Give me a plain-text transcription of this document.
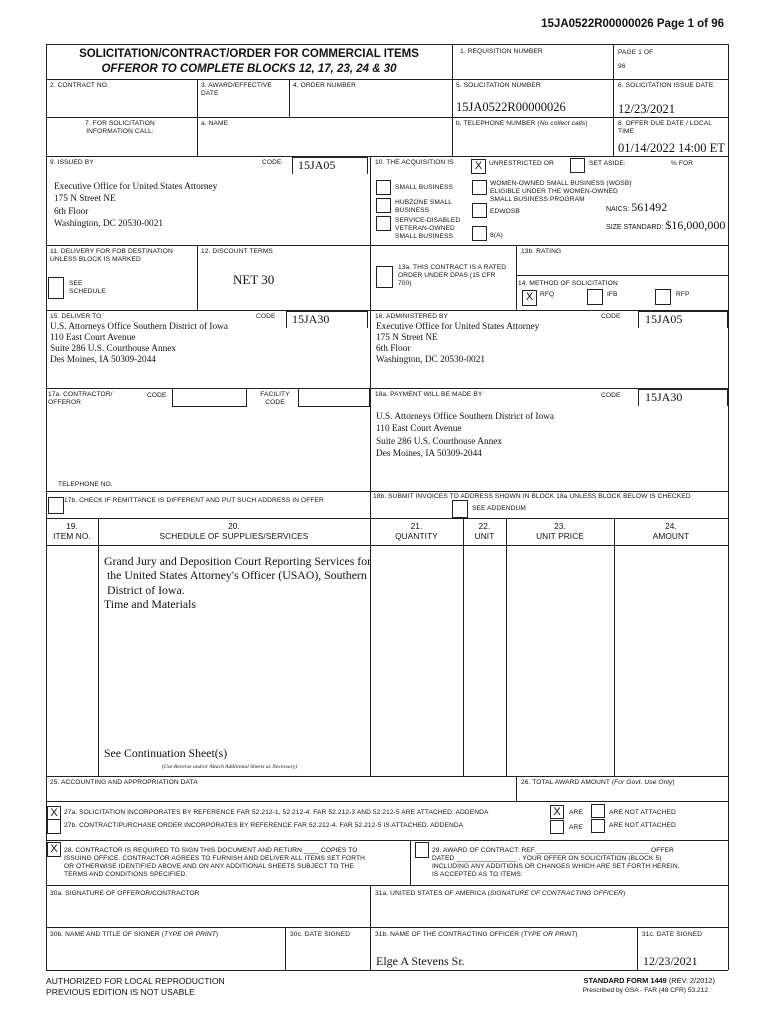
15JA0522R00000026 Page 1 of 96
SOLICITATION/CONTRACT/ORDER FOR COMMERCIAL ITEMS
OFFEROR TO COMPLETE BLOCKS 12, 17, 23, 24 & 30
1. REQUISITION NUMBER	PAGE 1 OF
96
2. CONTRACT NO.	3. AWARD/EFFECTIVE DATE
4. ORDER NUMBER	5. SOLICITATION NUMBER
15JA0522R00000026
6. SOLICITATION ISSUE DATE
12/23/2021
7. FOR SOLICITATION INFORMATION CALL:
a. NAME	b. TELEPHONE NUMBER (No collect calls)	8. OFFER DUE DATE / LOCAL TIME
01/14/2022 14:00 ET
9. ISSUED BY	CODE 15JA05
Executive Office for United States Attorney
175 N Street NE
6th Floor
Washington, DC 20530-0021
10. THE ACQUISITION IS	X	UNRESTRICTED OR	SET ASIDE:	% FOR
SMALL BUSINESS
HUBZONE SMALL BUSINESS
SERVICE-DISABLED VETERAN-OWNED SMALL BUSINESS
WOMEN-OWNED SMALL BUSINESS (WOSB) ELIGIBLE UNDER THE WOMEN-OWNED SMALL BUSINESS PROGRAM
EDWOSB
8(A)
NAICS: 561492
SIZE STANDARD: $16,000,000
11. DELIVERY FOR FOB DESTINATION UNLESS BLOCK IS MARKED
SEE SCHEDULE
12. DISCOUNT TERMS
NET 30
13a. THIS CONTRACT IS A RATED ORDER UNDER DPAS (15 CFR 700)
13b. RATING
14. METHOD OF SOLICITATION
X	RFQ	IFB	RFP
15. DELIVER TO	CODE 15JA30
U.S. Attorneys Office Southern District of Iowa
110 East Court Avenue
Suite 286 U.S. Courthouse Annex
Des Moines, IA 50309-2044
16. ADMINISTERED BY	CODE 15JA05
Executive Office for United States Attorney
175 N Street NE
6th Floor
Washington, DC 20530-0021
17a. CONTRACTOR/ OFFEROR
CODE	FACILITY CODE
18a. PAYMENT WILL BE MADE BY	CODE 15JA30
U.S. Attorneys Office Southern District of Iowa
110 East Court Avenue
Suite 286 U.S. Courthouse Annex
Des Moines, IA 50309-2044
TELEPHONE NO.
17b. CHECK IF REMITTANCE IS DIFFERENT AND PUT SUCH ADDRESS IN OFFER
18b. SUBMIT INVOICES TO ADDRESS SHOWN IN BLOCK 18a UNLESS BLOCK BELOW IS CHECKED
SEE ADDENDUM
19.
ITEM NO.
20.
SCHEDULE OF SUPPLIES/SERVICES
21.
QUANTITY
22.
UNIT
23.
UNIT PRICE
24.
AMOUNT
Grand Jury and Deposition Court Reporting Services for
the United States Attorney's Officer (USAO), Southern
District of Iowa.
Time and Materials
See Continuation Sheet(s)
(Use Reverse and/or Attach Additional Sheets as Necessary)
25. ACCOUNTING AND APPROPRIATION DATA	26. TOTAL AWARD AMOUNT (For Govt. Use Only)
X 27a. SOLICITATION INCORPORATES BY REFERENCE FAR 52.212-1, 52.212-4. FAR 52.212-3 AND 52.212-5 ARE ATTACHED. ADDENDA
27b. CONTRACT/PURCHASE ORDER INCORPORATES BY REFERENCE FAR 52.212-4. FAR 52.212-5 IS ATTACHED. ADDENDA
X	ARE	ARE NOT ATTACHED
ARE	ARE NOT ATTACHED
X 28. CONTRACTOR IS REQUIRED TO SIGN THIS DOCUMENT AND RETURN ____ COPIES TO
ISSUING OFFICE. CONTRACTOR AGREES TO FURNISH AND DELIVER ALL ITEMS SET FORTH
OR OTHERWISE IDENTIFIED ABOVE AND ON ANY ADDITIONAL SHEETS SUBJECT TO THE
TERMS AND CONDITIONS SPECIFIED.
29. AWARD OF CONTRACT: REF.______________________________ OFFER
DATED ________________ . YOUR OFFER ON SOLICITATION (BLOCK 5)
INCLUDING ANY ADDITIONS OR CHANGES WHICH ARE SET FORTH HEREIN,
IS ACCEPTED AS TO ITEMS:
30a. SIGNATURE OF OFFEROR/CONTRACTOR	31a. UNITED STATES OF AMERICA (SIGNATURE OF CONTRACTING OFFICER)
30b. NAME AND TITLE OF SIGNER (TYPE OR PRINT)	30c. DATE SIGNED	31b. NAME OF THE CONTRACTING OFFICER (TYPE OR PRINT)	31c. DATE SIGNED
Elge A Stevens Sr.	12/23/2021
AUTHORIZED FOR LOCAL REPRODUCTION
PREVIOUS EDITION IS NOT USABLE
STANDARD FORM 1449 (REV. 2/2012)
Prescribed by GSA - FAR (48 CFR) 53.212
